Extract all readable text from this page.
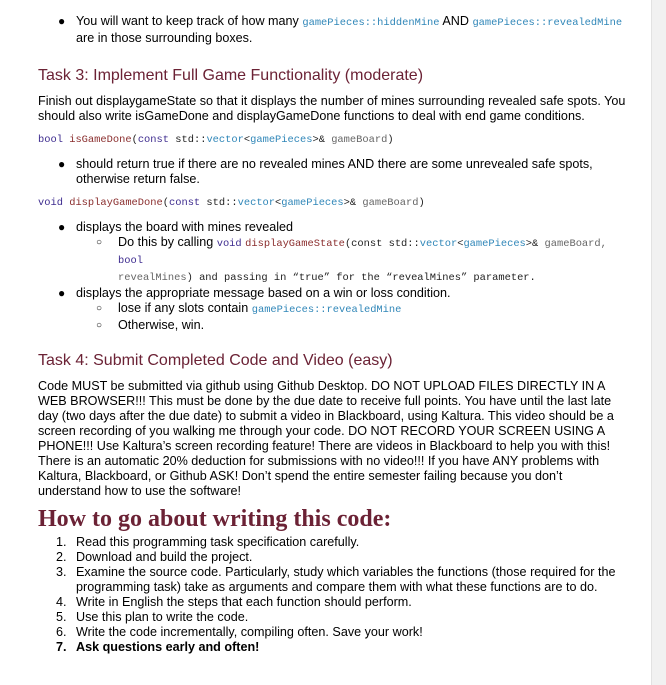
● You will want to keep track of how many gamePieces::hiddenMine AND gamePieces::revealedMine
are in those surrounding boxes.
Task 3: Implement Full Game Functionality (moderate)

Finish out displaygameState so that it displays the number of mines surrounding revealed safe spots. You should also write isGameDone and displayGameDone functions to deal with end game conditions.

bool isGameDone(const std::vector<gamePieces>& gameBoard)

● should return true if there are no revealed mines AND there are some unrevealed safe spots, otherwise return false.

void displayGameDone(const std::vector<gamePieces>& gameBoard)

● displays the board with mines revealed
○ Do this by calling void displayGameState(const std::vector<gamePieces>& gameBoard, bool
revealMines) and passing in “true” for the “revealMines” parameter.
● displays the appropriate message based on a win or loss condition.
○ lose if any slots contain gamePieces::revealedMine
○ Otherwise, win.
Task 4: Submit Completed Code and Video (easy)

Code MUST be submitted via github using Github Desktop. DO NOT UPLOAD FILES DIRECTLY IN A WEB BROWSER!!! This must be done by the due date to receive full points. You have until the last late day (two days after the due date) to submit a video in Blackboard, using Kaltura. This video should be a screen recording of you walking me through your code. DO NOT RECORD YOUR SCREEN USING A PHONE!!! Use Kaltura’s screen recording feature! There are videos in Blackboard to help you with this! There is an automatic 20% deduction for submissions with no video!!! If you have ANY problems with Kaltura, Blackboard, or Github ASK! Don’t spend the entire semester failing because you don’t understand how to use the software!

How to go about writing this code:
1. Read this programming task specification carefully.
2. Download and build the project.
3. Examine the source code. Particularly, study which variables the functions (those required for the programming task) take as arguments and compare them with what these functions are to do.
4. Write in English the steps that each function should perform.
5. Use this plan to write the code.
6. Write the code incrementally, compiling often. Save your work!
7. Ask questions early and often!
